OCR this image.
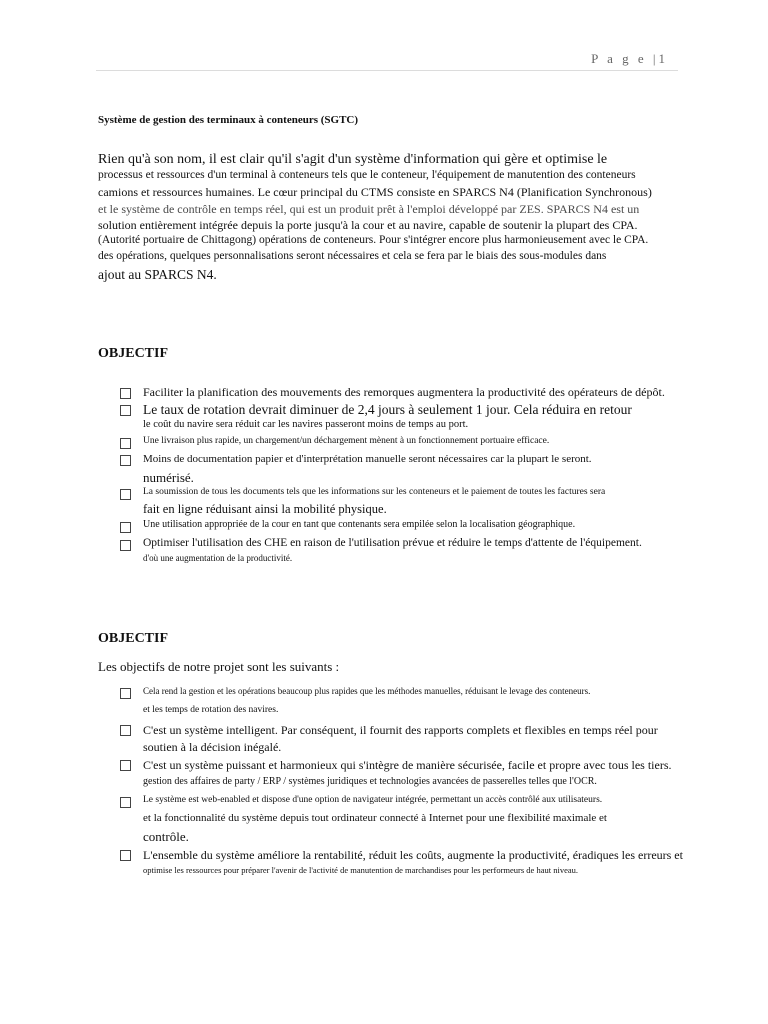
P a g e |1
Système de gestion des terminaux à conteneurs (SGTC)
Rien qu'à son nom, il est clair qu'il s'agit d'un système d'information qui gère et optimise le
processus et ressources d'un terminal à conteneurs tels que le conteneur, l'équipement de manutention des conteneurs
camions et ressources humaines. Le cœur principal du CTMS consiste en SPARCS N4 (Planification Synchronous)
et le système de contrôle en temps réel, qui est un produit prêt à l'emploi développé par ZES. SPARCS N4 est un
solution entièrement intégrée depuis la porte jusqu'à la cour et au navire, capable de soutenir la plupart des CPA.
(Autorité portuaire de Chittagong) opérations de conteneurs. Pour s'intégrer encore plus harmonieusement avec le CPA.
des opérations, quelques personnalisations seront nécessaires et cela se fera par le biais des sous-modules dans
ajout au SPARCS N4.
OBJECTIF
Faciliter la planification des mouvements des remorques augmentera la productivité des opérateurs de dépôt.
Le taux de rotation devrait diminuer de 2,4 jours à seulement 1 jour. Cela réduira en retour
le coût du navire sera réduit car les navires passeront moins de temps au port.
Une livraison plus rapide, un chargement/un déchargement mènent à un fonctionnement portuaire efficace.
Moins de documentation papier et d'interprétation manuelle seront nécessaires car la plupart le seront.
numérisé.
La soumission de tous les documents tels que les informations sur les conteneurs et le paiement de toutes les factures sera
fait en ligne réduisant ainsi la mobilité physique.
Une utilisation appropriée de la cour en tant que contenants sera empilée selon la localisation géographique.
Optimiser l'utilisation des CHE en raison de l'utilisation prévue et réduire le temps d'attente de l'équipement.
d'où une augmentation de la productivité.
OBJECTIF
Les objectifs de notre projet sont les suivants :
Cela rend la gestion et les opérations beaucoup plus rapides que les méthodes manuelles, réduisant le levage des conteneurs.
et les temps de rotation des navires.
C'est un système intelligent. Par conséquent, il fournit des rapports complets et flexibles en temps réel pour
soutien à la décision inégalé.
C'est un système puissant et harmonieux qui s'intègre de manière sécurisée, facile et propre avec tous les tiers.
gestion des affaires de party / ERP / systèmes juridiques et technologies avancées de passerelles telles que l'OCR.
Le système est web-enabled et dispose d'une option de navigateur intégrée, permettant un accès contrôlé aux utilisateurs.
et la fonctionnalité du système depuis tout ordinateur connecté à Internet pour une flexibilité maximale et
contrôle.
L'ensemble du système améliore la rentabilité, réduit les coûts, augmente la productivité, éradiques les erreurs et
optimise les ressources pour préparer l'avenir de l'activité de manutention de marchandises pour les performeurs de haut niveau.
